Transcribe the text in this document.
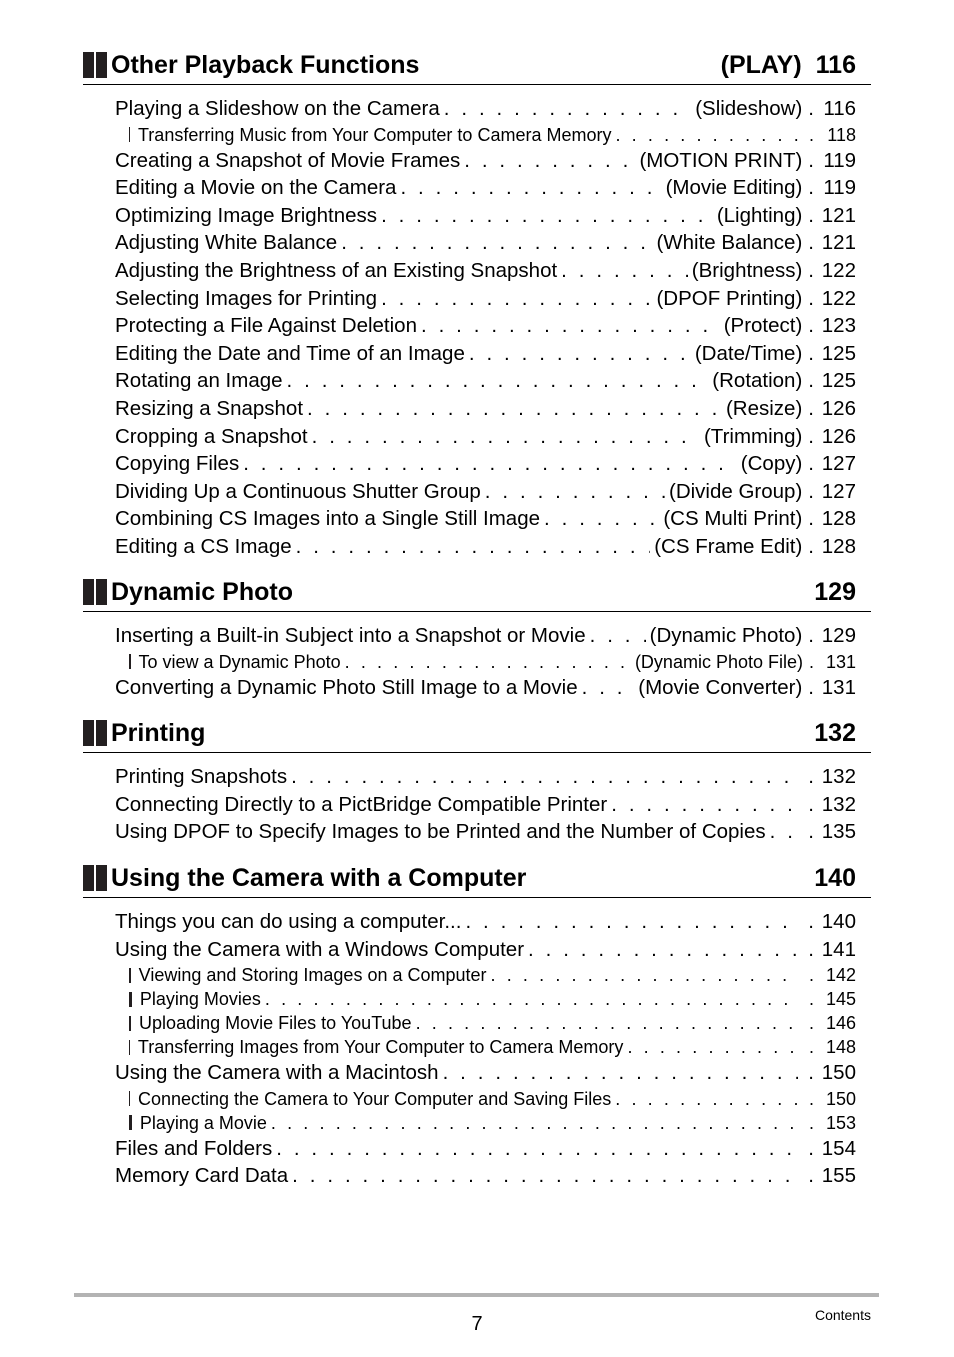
Other Playback Functions	(PLAY) 116
Playing a Slideshow on the Camera . . .	(Slideshow) . 116
Transferring Music from Your Computer to Camera Memory . . .	. 118
Creating a Snapshot of Movie Frames . . .	(MOTION PRINT) . 119
Editing a Movie on the Camera . . .	(Movie Editing) . 119
Optimizing Image Brightness . . .	(Lighting) . 121
Adjusting White Balance . . .	(White Balance) . 121
Adjusting the Brightness of an Existing Snapshot . . .	(Brightness) . 122
Selecting Images for Printing . . .	(DPOF Printing) . 122
Protecting a File Against Deletion . . .	(Protect) . 123
Editing the Date and Time of an Image . . .	(Date/Time) . 125
Rotating an Image . . .	(Rotation) . 125
Resizing a Snapshot . . .	(Resize) . 126
Cropping a Snapshot . . .	(Trimming) . 126
Copying Files . . .	(Copy) . 127
Dividing Up a Continuous Shutter Group . . .	(Divide Group) . 127
Combining CS Images into a Single Still Image . . .	(CS Multi Print) . 128
Editing a CS Image . . .	(CS Frame Edit) . 128
Dynamic Photo	129
Inserting a Built-in Subject into a Snapshot or Movie . . .	(Dynamic Photo) . 129
To view a Dynamic Photo . . .	(Dynamic Photo File) . 131
Converting a Dynamic Photo Still Image to a Movie . . .	(Movie Converter) . 131
Printing	132
Printing Snapshots . . .	. 132
Connecting Directly to a PictBridge Compatible Printer . . .	. 132
Using DPOF to Specify Images to be Printed and the Number of Copies . . . . 135
Using the Camera with a Computer	140
Things you can do using a computer... . . .	. 140
Using the Camera with a Windows Computer . . .	. 141
Viewing and Storing Images on a Computer . . .	. 142
Playing Movies . . .	. 145
Uploading Movie Files to YouTube . . .	. 146
Transferring Images from Your Computer to Camera Memory . . .	. 148
Using the Camera with a Macintosh . . .	. 150
Connecting the Camera to Your Computer and Saving Files . . .	. 150
Playing a Movie . . .	. 153
Files and Folders . . .	. 154
Memory Card Data . . .	. 155
7	Contents
